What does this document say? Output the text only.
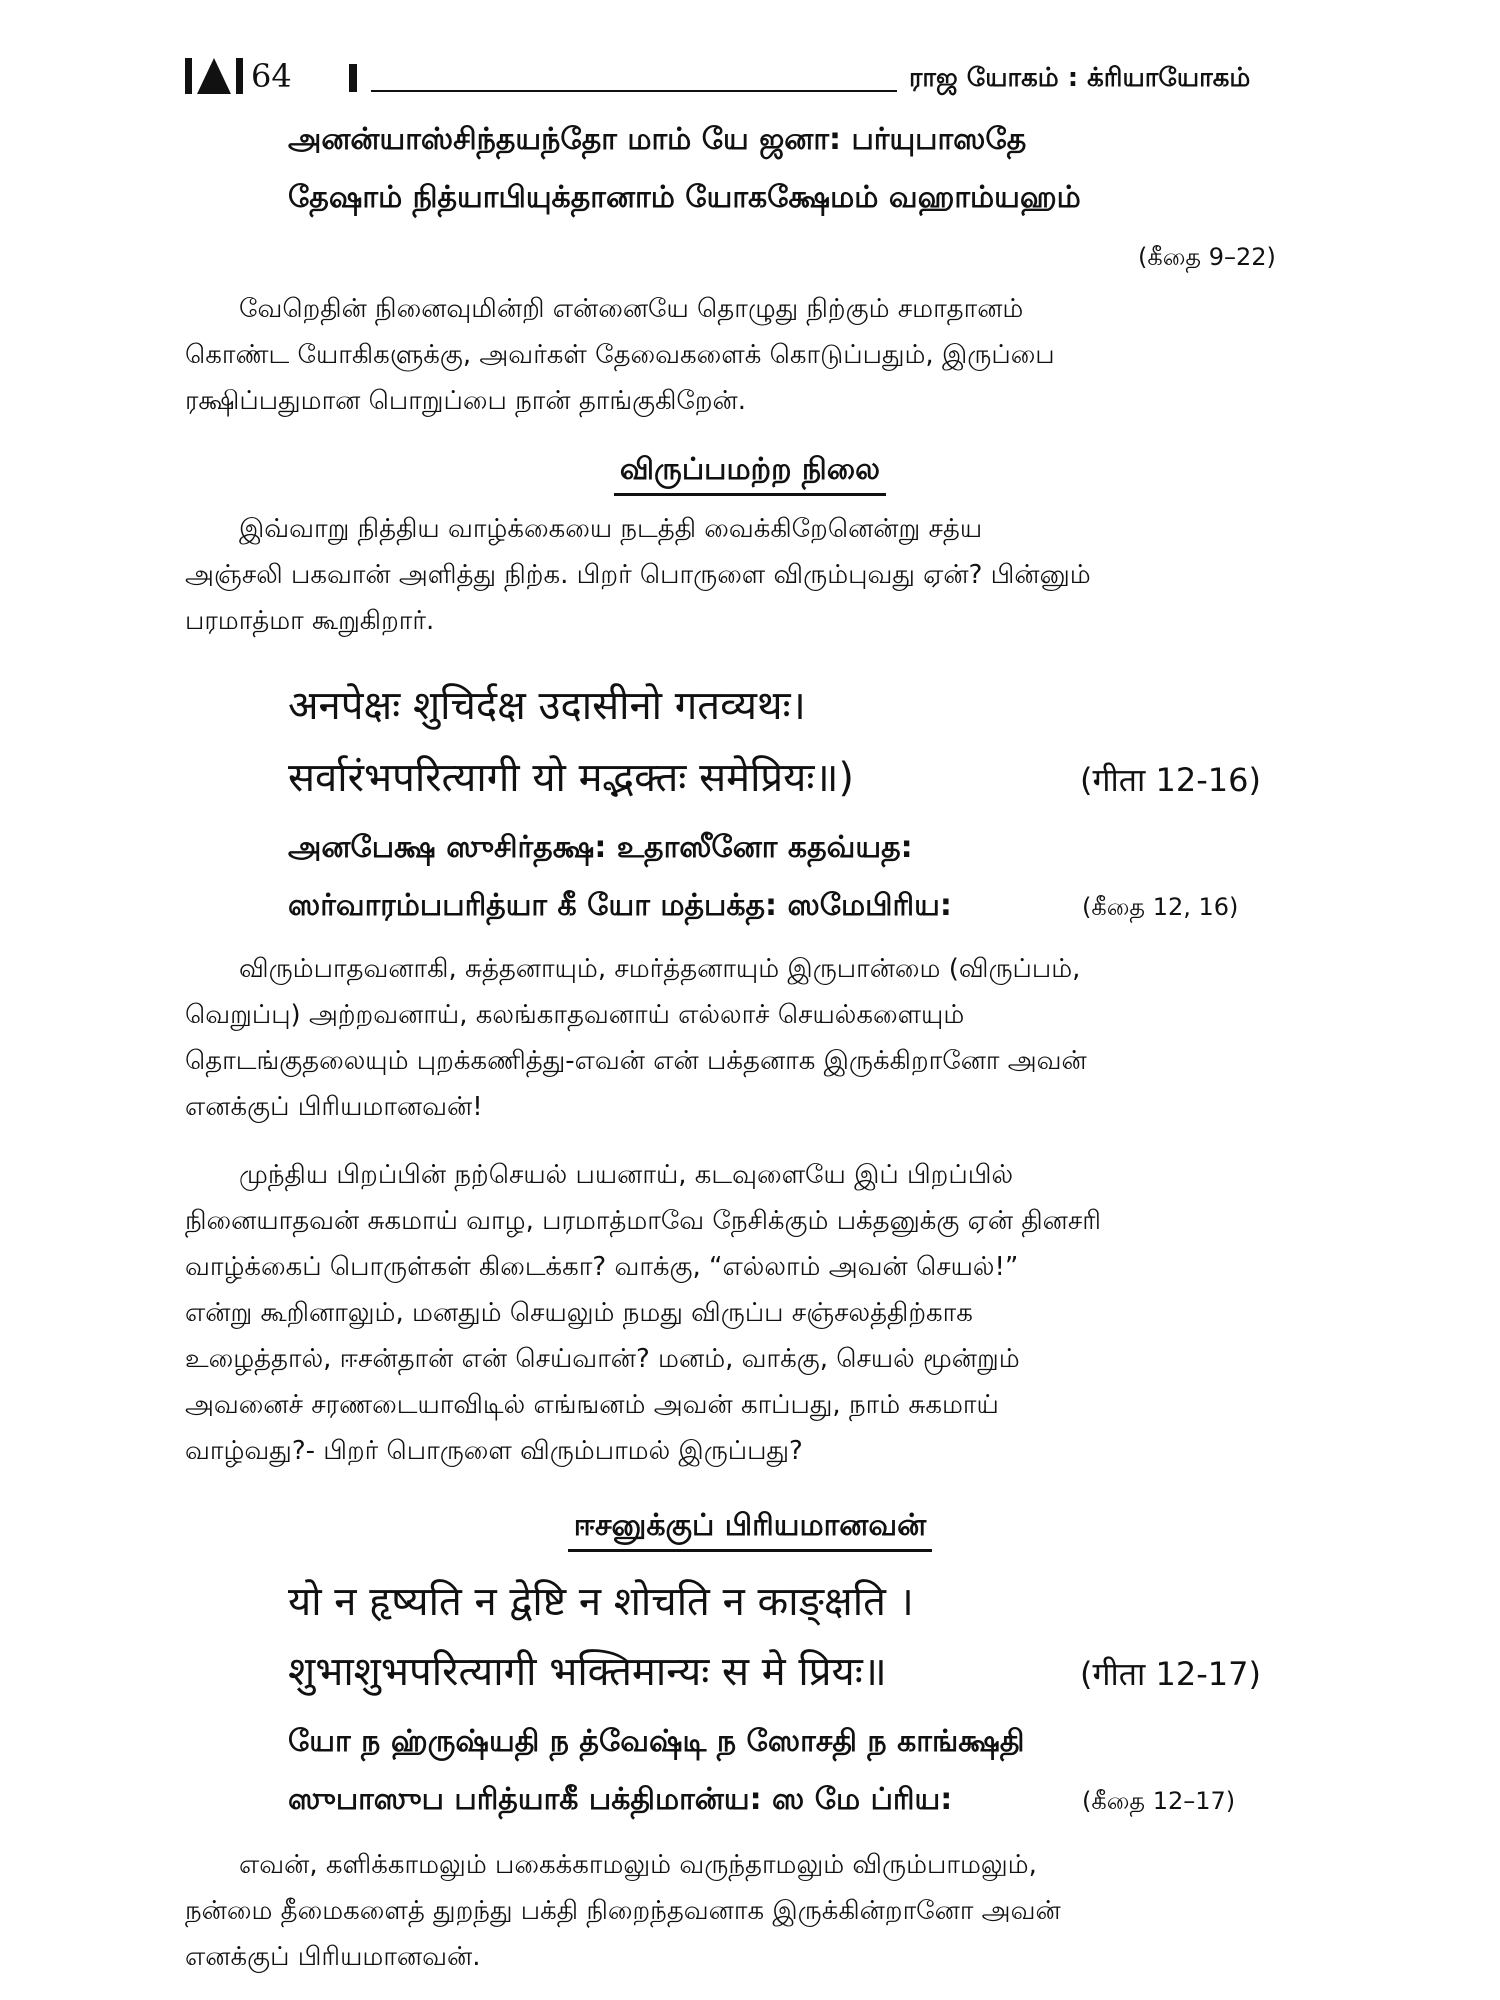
64	ராஜ யோகம் : க்ரியாயோகம்
அனன்யாஸ்சிந்தயந்தோ மாம் யே ஜனா: பர்யுபாஸதே
தேஷாம் நித்யாபியுக்தானாம் யோகக்ஷேமம் வஹாம்யஹம்
(கீதை 9–22)
வேறெதின் நினைவுமின்றி என்னையே தொழுது நிற்கும் சமாதானம்
கொண்ட யோகிகளுக்கு, அவர்கள் தேவைகளைக் கொடுப்பதும், இருப்பை
ரக்ஷிப்பதுமான பொறுப்பை நான் தாங்குகிறேன்.
விருப்பமற்ற நிலை
இவ்வாறு நித்திய வாழ்க்கையை நடத்தி வைக்கிறேனென்று சத்ய
அஞ்சலி பகவான் அளித்து நிற்க. பிறர் பொருளை விரும்புவது ஏன்? பின்னும்
பரமாத்மா கூறுகிறார்.
अनपेक्षः शुचिर्दक्ष उदासीनो गतव्यथः।
सर्वारंभपरित्यागी यो मद्भक्तः समेप्रियः॥)	(गीता 12-16)
அனபேக்ஷ ஸுசிர்தக்ஷ: உதாஸீனோ கதவ்யத:
ஸர்வாரம்பபரித்யா கீ யோ மத்பக்த: ஸமேபிரிய:	(கீதை 12, 16)
விரும்பாதவனாகி, சுத்தனாயும், சமர்த்தனாயும் இருபான்மை (விருப்பம்,
வெறுப்பு) அற்றவனாய், கலங்காதவனாய் எல்லாச் செயல்களையும்
தொடங்குதலையும் புறக்கணித்து-எவன் என் பக்தனாக இருக்கிறானோ அவன்
எனக்குப் பிரியமானவன்!
முந்திய பிறப்பின் நற்செயல் பயனாய், கடவுளையே இப் பிறப்பில்
நினையாதவன் சுகமாய் வாழ, பரமாத்மாவே நேசிக்கும் பக்தனுக்கு ஏன் தினசரி
வாழ்க்கைப் பொருள்கள் கிடைக்கா? வாக்கு, “எல்லாம் அவன் செயல்!”
என்று கூறினாலும், மனதும் செயலும் நமது விருப்ப சஞ்சலத்திற்காக
உழைத்தால், ஈசன்தான் என் செய்வான்? மனம், வாக்கு, செயல் மூன்றும்
அவனைச் சரணடையாவிடில் எங்ஙனம் அவன் காப்பது, நாம் சுகமாய்
வாழ்வது?- பிறர் பொருளை விரும்பாமல் இருப்பது?
ஈசனுக்குப் பிரியமானவன்
यो न हृष्यति न द्वेष्टि न शोचति न काङ्क्षति ।
शुभाशुभपरित्यागी भक्तिमान्यः स मे प्रियः॥	(गीता 12-17)
யோ ந ஹ்ருஷ்யதி ந த்வேஷ்டி ந ஸோசதி ந காங்க்ஷதி
ஸுபாஸுப பரித்யாகீ பக்திமான்ய: ஸ மே ப்ரிய:	(கீதை 12–17)
எவன், களிக்காமலும் பகைக்காமலும் வருந்தாமலும் விரும்பாமலும்,
நன்மை தீமைகளைத் துறந்து பக்தி நிறைந்தவனாக இருக்கின்றானோ அவன்
எனக்குப் பிரியமானவன்.
